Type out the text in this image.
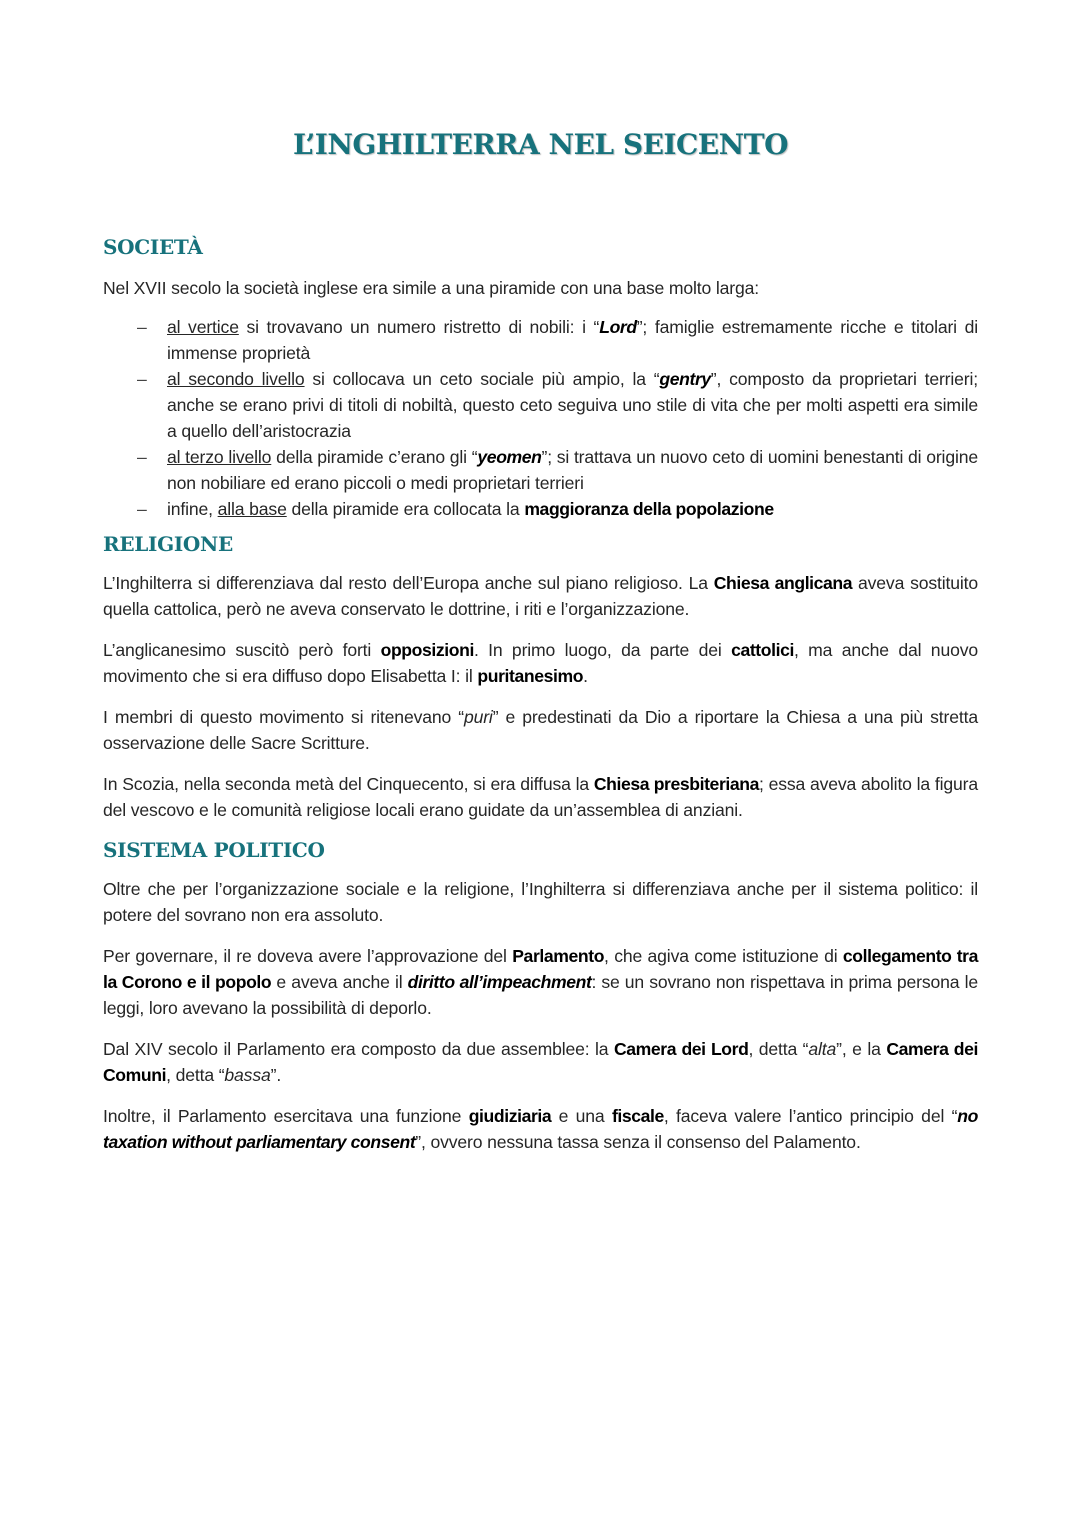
L’INGHILTERRA NEL SEICENTO
SOCIETÀ

Nel XVII secolo la società inglese era simile a una piramide con una base molto larga:

– al vertice si trovavano un numero ristretto di nobili: i “Lord”; famiglie estremamente ricche e titolari di immense proprietà
– al secondo livello si collocava un ceto sociale più ampio, la “gentry”, composto da proprietari terrieri; anche se erano privi di titoli di nobiltà, questo ceto seguiva uno stile di vita che per molti aspetti era simile a quello dell’aristocrazia
– al terzo livello della piramide c’erano gli “yeomen”; si trattava un nuovo ceto di uomini benestanti di origine non nobiliare ed erano piccoli o medi proprietari terrieri
– infine, alla base della piramide era collocata la maggioranza della popolazione
RELIGIONE

L’Inghilterra si differenziava dal resto dell’Europa anche sul piano religioso. La Chiesa anglicana aveva sostituito quella cattolica, però ne aveva conservato le dottrine, i riti e l’organizzazione.

L’anglicanesimo suscitò però forti opposizioni. In primo luogo, da parte dei cattolici, ma anche dal nuovo movimento che si era diffuso dopo Elisabetta I: il puritanesimo.

I membri di questo movimento si ritenevano “puri” e predestinati da Dio a riportare la Chiesa a una più stretta osservazione delle Sacre Scritture.

In Scozia, nella seconda metà del Cinquecento, si era diffusa la Chiesa presbiteriana; essa aveva abolito la figura del vescovo e le comunità religiose locali erano guidate da un’assemblea di anziani.

SISTEMA POLITICO

Oltre che per l’organizzazione sociale e la religione, l’Inghilterra si differenziava anche per il sistema politico: il potere del sovrano non era assoluto.

Per governare, il re doveva avere l’approvazione del Parlamento, che agiva come istituzione di collegamento tra la Corono e il popolo e aveva anche il diritto all’impeachment: se un sovrano non rispettava in prima persona le leggi, loro avevano la possibilità di deporlo.

Dal XIV secolo il Parlamento era composto da due assemblee: la Camera dei Lord, detta “alta”, e la Camera dei Comuni, detta “bassa”.

Inoltre, il Parlamento esercitava una funzione giudiziaria e una fiscale, faceva valere l’antico principio del “no taxation without parliamentary consent”, ovvero nessuna tassa senza il consenso del Palamento.
